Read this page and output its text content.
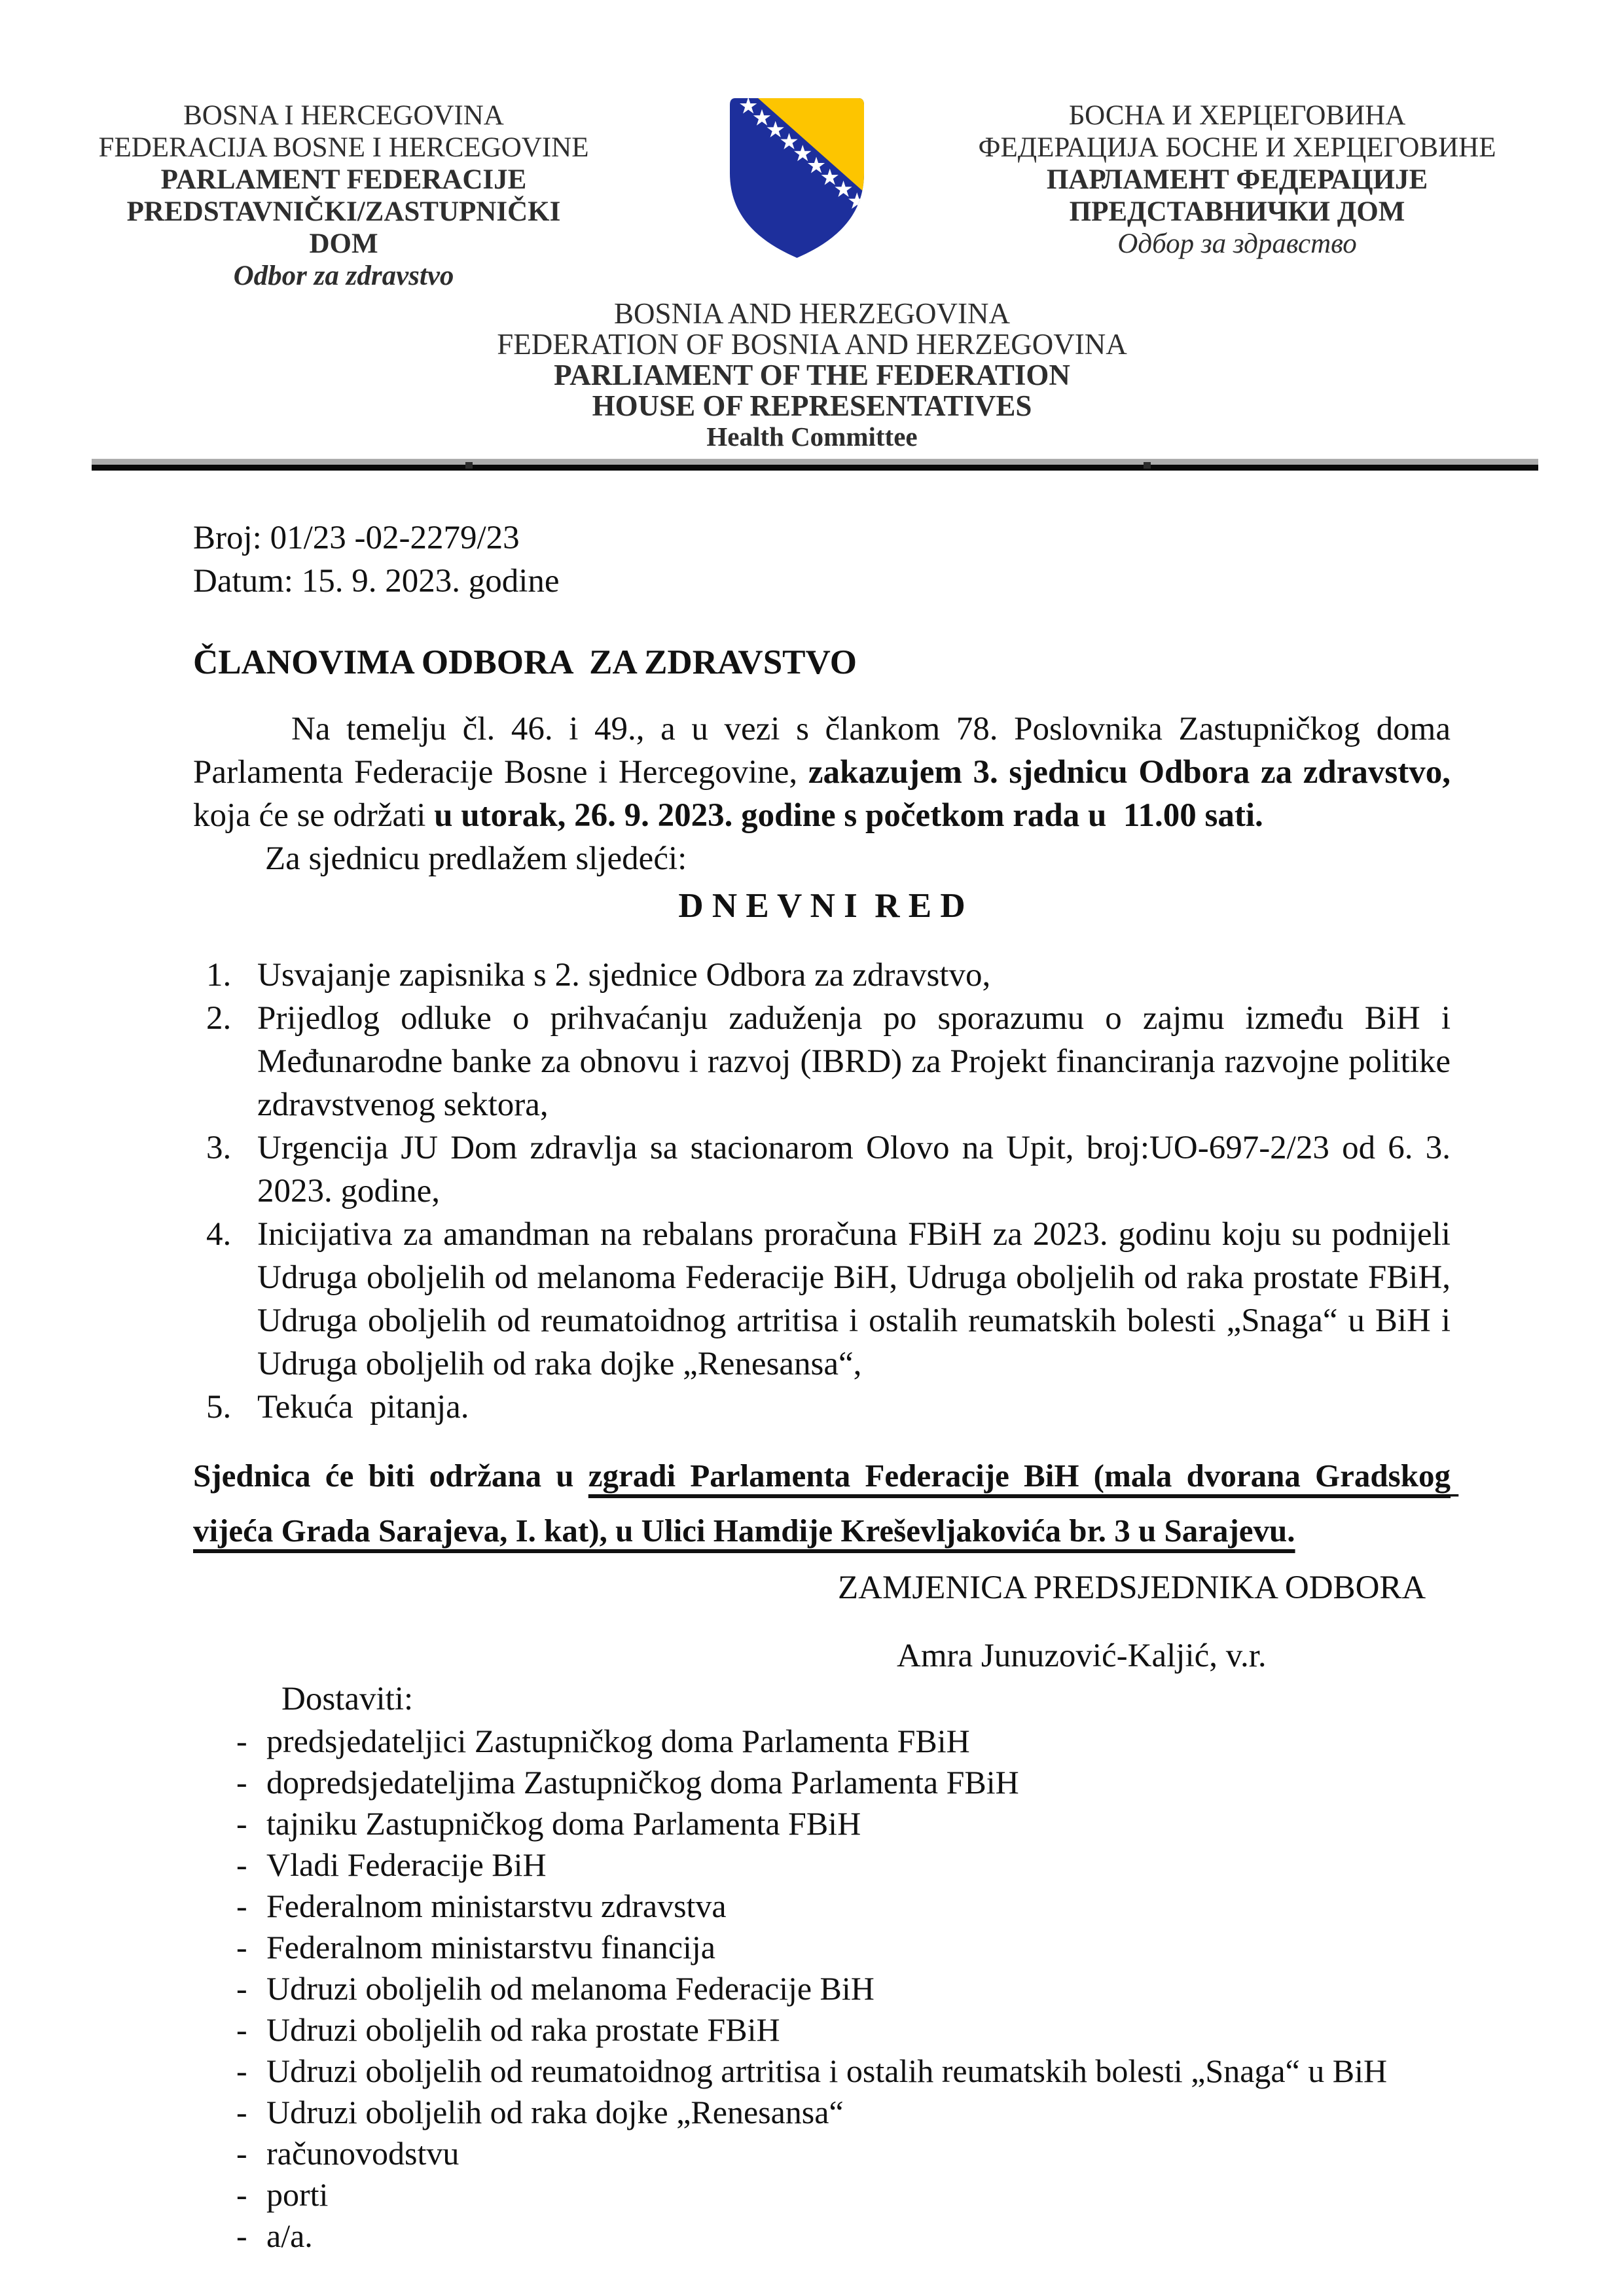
BOSNA I HERCEGOVINA
FEDERACIJA BOSNE I HERCEGOVINE
PARLAMENT FEDERACIJE
PREDSTAVNIČKI/ZASTUPNIČKI DOM
Odbor za zdravstvo
БОСНА И ХЕРЦЕГОВИНА
ФЕДЕРАЦИЈА БОСНЕ И ХЕРЦЕГОВИНЕ
ПАРЛАМЕНТ ФЕДЕРАЦИЈЕ
ПРЕДСТАВНИЧКИ ДОМ
Одбор за здравство
BOSNIA AND HERZEGOVINA
FEDERATION OF BOSNIA AND HERZEGOVINA
PARLIAMENT OF THE FEDERATION
HOUSE OF REPRESENTATIVES
Health Committee
Broj: 01/23 -02-2279/23
Datum: 15. 9. 2023. godine
ČLANOVIMA ODBORA  ZA ZDRAVSTVO

Na temelju čl. 46. i 49., a u vezi s člankom 78. Poslovnika Zastupničkog doma Parlamenta Federacije Bosne i Hercegovine, zakazujem 3. sjednicu Odbora za zdravstvo, koja će se održati u utorak, 26. 9. 2023. godine s početkom rada u  11.00 sati.

Za sjednicu predlažem sljedeći:

D N E V N I  R E D
1. Usvajanje zapisnika s 2. sjednice Odbora za zdravstvo,
2. Prijedlog odluke o prihvaćanju zaduženja po sporazumu o zajmu između BiH i Međunarodne banke za obnovu i razvoj (IBRD) za Projekt financiranja razvojne politike zdravstvenog sektora,
3. Urgencija JU Dom zdravlja sa stacionarom Olovo na Upit, broj:UO-697-2/23 od 6. 3. 2023. godine,
4. Inicijativa za amandman na rebalans proračuna FBiH za 2023. godinu koju su podnijeli Udruga oboljelih od melanoma Federacije BiH, Udruga oboljelih od raka prostate FBiH, Udruga oboljelih od reumatoidnog artritisa i ostalih reumatskih bolesti „Snaga“ u BiH i Udruga oboljelih od raka dojke „Renesansa“,
5. Tekuća  pitanja.

Sjednica će biti održana u zgradi Parlamenta Federacije BiH (mala dvorana Gradskog vijeća Grada Sarajeva, I. kat), u Ulici Hamdije Kreševljakovića br. 3 u Sarajevu.

ZAMJENICA PREDSJEDNIKA ODBORA
Amra Junuzović-Kaljić, v.r.
Dostaviti:
- predsjedateljici Zastupničkog doma Parlamenta FBiH
- dopredsjedateljima Zastupničkog doma Parlamenta FBiH
- tajniku Zastupničkog doma Parlamenta FBiH
- Vladi Federacije BiH
- Federalnom ministarstvu zdravstva
- Federalnom ministarstvu financija
- Udruzi oboljelih od melanoma Federacije BiH
- Udruzi oboljelih od raka prostate FBiH
- Udruzi oboljelih od reumatoidnog artritisa i ostalih reumatskih bolesti „Snaga“ u BiH
- Udruzi oboljelih od raka dojke „Renesansa“
- računovodstvu
- porti
- a/a.
